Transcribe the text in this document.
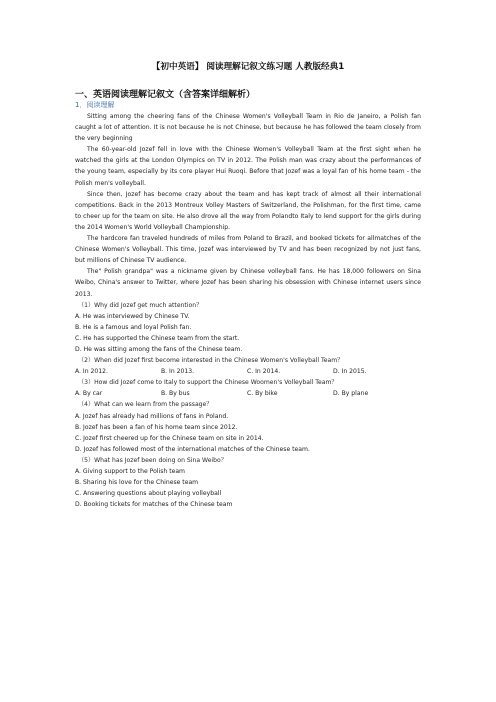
【初中英语】 阅读理解记叙文练习题 人教版经典1
一、英语阅读理解记叙文（含答案详细解析）
1．阅读理解

Sitting among the cheering fans of the Chinese Women's Volleyball Team in Rio de Janeiro, a Polish fan caught a lot of attention. It is not because he is not Chinese, but because he has followed the team closely from the very beginning

The 60-year-old Jozef fell in love with the Chinese Women's Volleyball Team at the first sight when he watched the girls at the London Olympics on TV in 2012. The Polish man was crazy about the performances of the young team, especially by its core player Hui Ruoqi. Before that Jozef was a loyal fan of his home team - the Polish men's volleyball.

Since then, Jozef has become crazy about the team and has kept track of almost all their international competitions. Back in the 2013 Montreux Volley Masters of Switzerland, the Polishman, for the first time, came to cheer up for the team on site. He also drove all the way from Polandto Italy to lend support for the girls during the 2014 Women's World Volleyball Championship.

The hardcore fan traveled hundreds of miles from Poland to Brazil, and booked tickets for allmatches of the Chinese Women's Volleyball. This time, Jozef was interviewed by TV and has been recognized by not just fans, but millions of Chinese TV audience.

The" Polish grandpa" was a nickname given by Chinese volleyball fans. He has 18,000 followers on Sina Weibo, China's answer to Twitter, where Jozef has been sharing his obsession with Chinese internet users since 2013.

（1）Why did Jozef get much attention？

A. He was interviewed by Chinese TV.

B. He is a famous and loyal Polish fan.

C. He has supported the Chinese team from the start.

D. He was sitting among the fans of the Chinese team.

（2）When did Jozef first become interested in the Chinese Women's Volleyball Team？

A. In 2012.	B. In 2013.	C. In 2014.	D. In 2015.

（3）How did Jozef come to Italy to support the Chinese Woomen's Volleyball Team？

A. By car	B. By bus	C. By bike	D. By plane

（4）What can we learn from the passage？

A. Jozef has already had millions of fans in Poland.

B. Jozef has been a fan of his home team since 2012.

C. Jozef first cheered up for the Chinese team on site in 2014.

D. Jozef has followed most of the international matches of the Chinese team.

（5）What has Jozef been doing on Sina Weibo？

A. Giving support to the Polish team

B. Sharing his love for the Chinese team

C. Answering questions about playing volleyball

D. Booking tickets for matches of the Chinese team
